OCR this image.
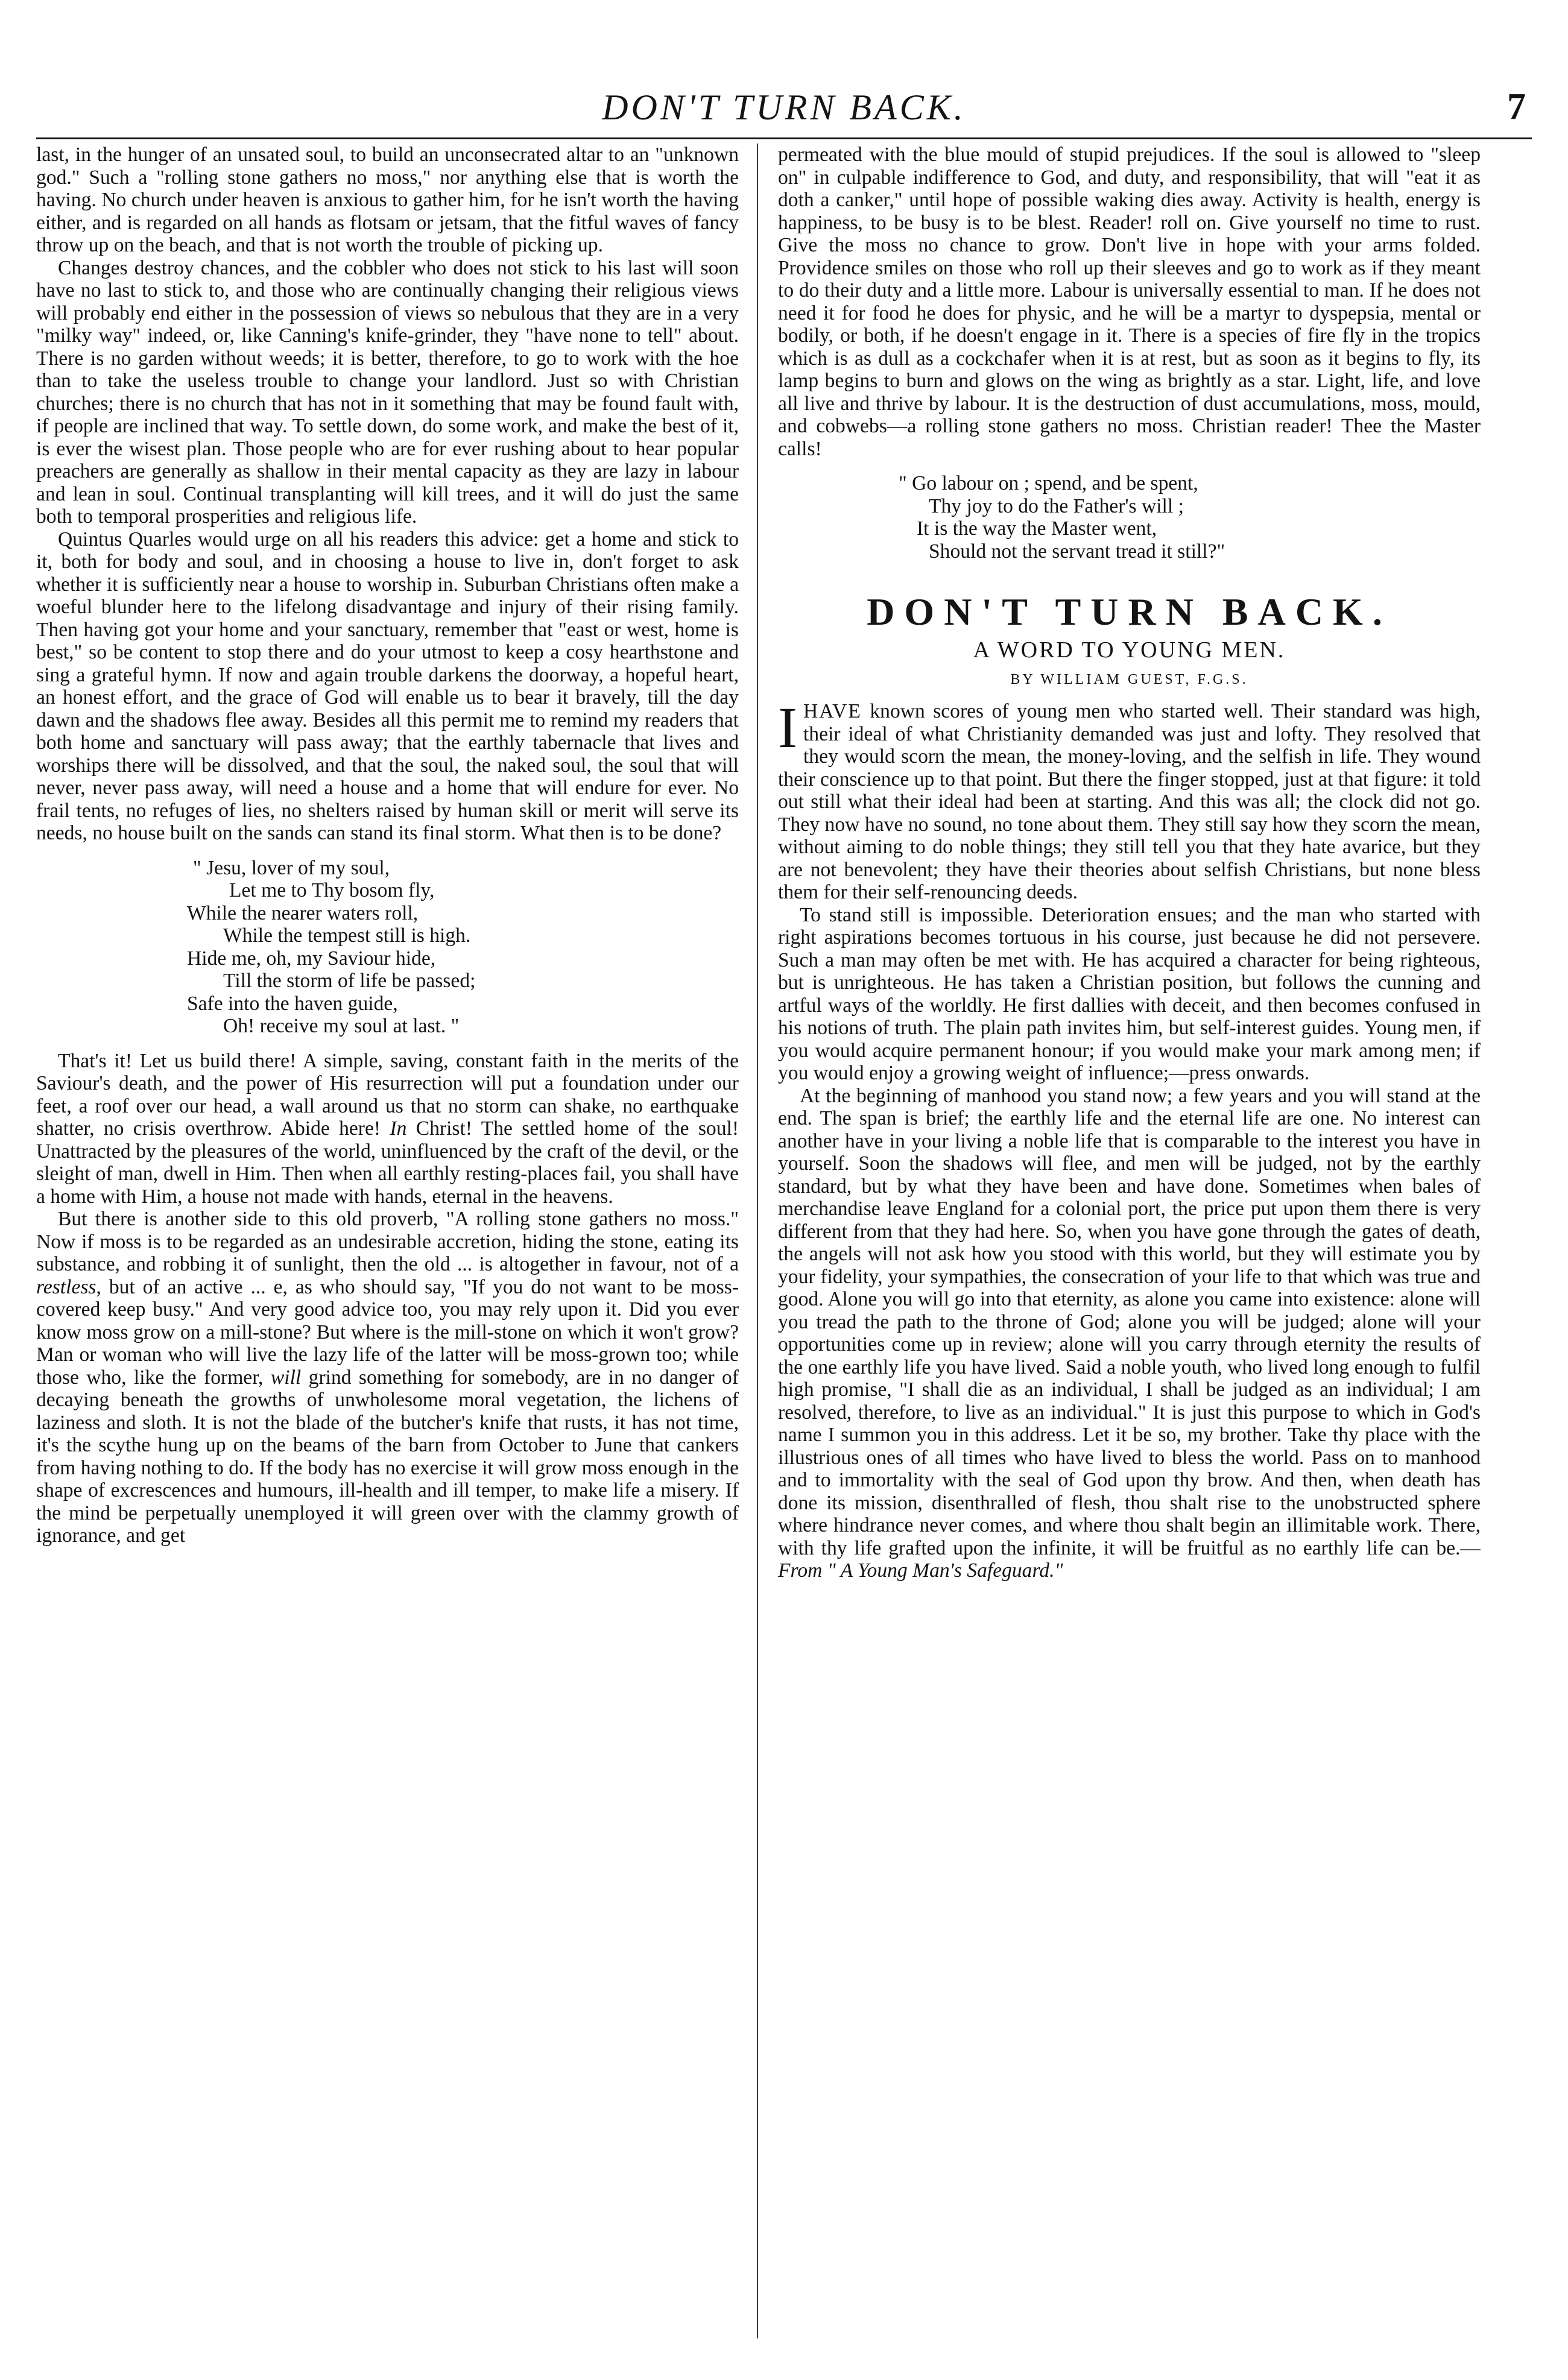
DON'T TURN BACK.	7

last, in the hunger of an unsated soul, to build an unconsecrated altar to an "unknown god." Such a "rolling stone gathers no moss," nor anything else that is worth the having. No church under heaven is anxious to gather him, for he isn't worth the having either, and is regarded on all hands as flotsam or jetsam, that the fitful waves of fancy throw up on the beach, and that is not worth the trouble of picking up.

Changes destroy chances, and the cobbler who does not stick to his last will soon have no last to stick to, and those who are continually changing their religious views will probably end either in the possession of views so nebulous that they are in a very "milky way" indeed, or, like Canning's knife-grinder, they "have none to tell" about. There is no garden without weeds; it is better, therefore, to go to work with the hoe than to take the useless trouble to change your landlord. Just so with Christian churches; there is no church that has not in it something that may be found fault with, if people are inclined that way. To settle down, do some work, and make the best of it, is ever the wisest plan. Those people who are for ever rushing about to hear popular preachers are generally as shallow in their mental capacity as they are lazy in labour and lean in soul. Continual transplanting will kill trees, and it will do just the same both to temporal prosperities and religious life.

Quintus Quarles would urge on all his readers this advice: get a home and stick to it, both for body and soul, and in choosing a house to live in, don't forget to ask whether it is sufficiently near a house to worship in. Suburban Christians often make a woeful blunder here to the lifelong disadvantage and injury of their rising family. Then having got your home and your sanctuary, remember that "east or west, home is best," so be content to stop there and do your utmost to keep a cosy hearthstone and sing a grateful hymn. If now and again trouble darkens the doorway, a hopeful heart, an honest effort, and the grace of God will enable us to bear it bravely, till the day dawn and the shadows flee away. Besides all this permit me to remind my readers that both home and sanctuary will pass away; that the earthly tabernacle that lives and worships there will be dissolved, and that the soul, the naked soul, the soul that will never, never pass away, will need a house and a home that will endure for ever. No frail tents, no refuges of lies, no shelters raised by human skill or merit will serve its needs, no house built on the sands can stand its final storm. What then is to be done?

" Jesu, lover of my soul,
Let me to Thy bosom fly,
While the nearer waters roll,
While the tempest still is high.
Hide me, oh, my Saviour hide,
Till the storm of life be passed;
Safe into the haven guide,
Oh! receive my soul at last. "

That's it! Let us build there! A simple, saving, constant faith in the merits of the Saviour's death, and the power of His resurrection will put a foundation under our feet, a roof over our head, a wall around us that no storm can shake, no earthquake shatter, no crisis overthrow. Abide here! In Christ! The settled home of the soul! Unattracted by the pleasures of the world, uninfluenced by the craft of the devil, or the sleight of man, dwell in Him. Then when all earthly resting-places fail, you shall have a home with Him, a house not made with hands, eternal in the heavens.

But there is another side to this old proverb, "A rolling stone gathers no moss." Now if moss is to be regarded as an undesirable accretion, hiding the stone, eating its substance, and robbing it of sunlight, then the old ... is altogether in favour, not of a restless, but of an active ... e, as who should say, "If you do not want to be moss-covered keep busy." And very good advice too, you may rely upon it. Did you ever know moss grow on a mill-stone? But where is the mill-stone on which it won't grow? Man or woman who will live the lazy life of the latter will be moss-grown too; while those who, like the former, will grind something for somebody, are in no danger of decaying beneath the growths of unwholesome moral vegetation, the lichens of laziness and sloth. It is not the blade of the butcher's knife that rusts, it has not time, it's the scythe hung up on the beams of the barn from October to June that cankers from having nothing to do. If the body has no exercise it will grow moss enough in the shape of excrescences and humours, ill-health and ill temper, to make life a misery. If the mind be perpetually unemployed it will green over with the clammy growth of ignorance, and get

permeated with the blue mould of stupid prejudices. If the soul is allowed to "sleep on" in culpable indifference to God, and duty, and responsibility, that will "eat it as doth a canker," until hope of possible waking dies away. Activity is health, energy is happiness, to be busy is to be blest. Reader! roll on. Give yourself no time to rust. Give the moss no chance to grow. Don't live in hope with your arms folded. Providence smiles on those who roll up their sleeves and go to work as if they meant to do their duty and a little more. Labour is universally essential to man. If he does not need it for food he does for physic, and he will be a martyr to dyspepsia, mental or bodily, or both, if he doesn't engage in it. There is a species of fire fly in the tropics which is as dull as a cockchafer when it is at rest, but as soon as it begins to fly, its lamp begins to burn and glows on the wing as brightly as a star. Light, life, and love all live and thrive by labour. It is the destruction of dust accumulations, moss, mould, and cobwebs—a rolling stone gathers no moss. Christian reader! Thee the Master calls!

" Go labour on ; spend, and be spent,
Thy joy to do the Father's will ;
It is the way the Master went,
Should not the servant tread it still?"
DON'T TURN BACK.
A WORD TO YOUNG MEN.
BY WILLIAM GUEST, F.G.S.

IHAVE known scores of young men who started well. Their standard was high, their ideal of what Christianity demanded was just and lofty. They resolved that they would scorn the mean, the money-loving, and the selfish in life. They wound their conscience up to that point. But there the finger stopped, just at that figure: it told out still what their ideal had been at starting. And this was all; the clock did not go. They now have no sound, no tone about them. They still say how they scorn the mean, without aiming to do noble things; they still tell you that they hate avarice, but they are not benevolent; they have their theories about selfish Christians, but none bless them for their self-renouncing deeds.

To stand still is impossible. Deterioration ensues; and the man who started with right aspirations becomes tortuous in his course, just because he did not persevere. Such a man may often be met with. He has acquired a character for being righteous, but is unrighteous. He has taken a Christian position, but follows the cunning and artful ways of the worldly. He first dallies with deceit, and then becomes confused in his notions of truth. The plain path invites him, but self-interest guides. Young men, if you would acquire permanent honour; if you would make your mark among men; if you would enjoy a growing weight of influence;—press onwards.

At the beginning of manhood you stand now; a few years and you will stand at the end. The span is brief; the earthly life and the eternal life are one. No interest can another have in your living a noble life that is comparable to the interest you have in yourself. Soon the shadows will flee, and men will be judged, not by the earthly standard, but by what they have been and have done. Sometimes when bales of merchandise leave England for a colonial port, the price put upon them there is very different from that they had here. So, when you have gone through the gates of death, the angels will not ask how you stood with this world, but they will estimate you by your fidelity, your sympathies, the consecration of your life to that which was true and good. Alone you will go into that eternity, as alone you came into existence: alone will you tread the path to the throne of God; alone you will be judged; alone will your opportunities come up in review; alone will you carry through eternity the results of the one earthly life you have lived. Said a noble youth, who lived long enough to fulfil high promise, "I shall die as an individual, I shall be judged as an individual; I am resolved, therefore, to live as an individual." It is just this purpose to which in God's name I summon you in this address. Let it be so, my brother. Take thy place with the illustrious ones of all times who have lived to bless the world. Pass on to manhood and to immortality with the seal of God upon thy brow. And then, when death has done its mission, disenthralled of flesh, thou shalt rise to the unobstructed sphere where hindrance never comes, and where thou shalt begin an illimitable work. There, with thy life grafted upon the infinite, it will be fruitful as no earthly life can be.—From " A Young Man's Safeguard."
